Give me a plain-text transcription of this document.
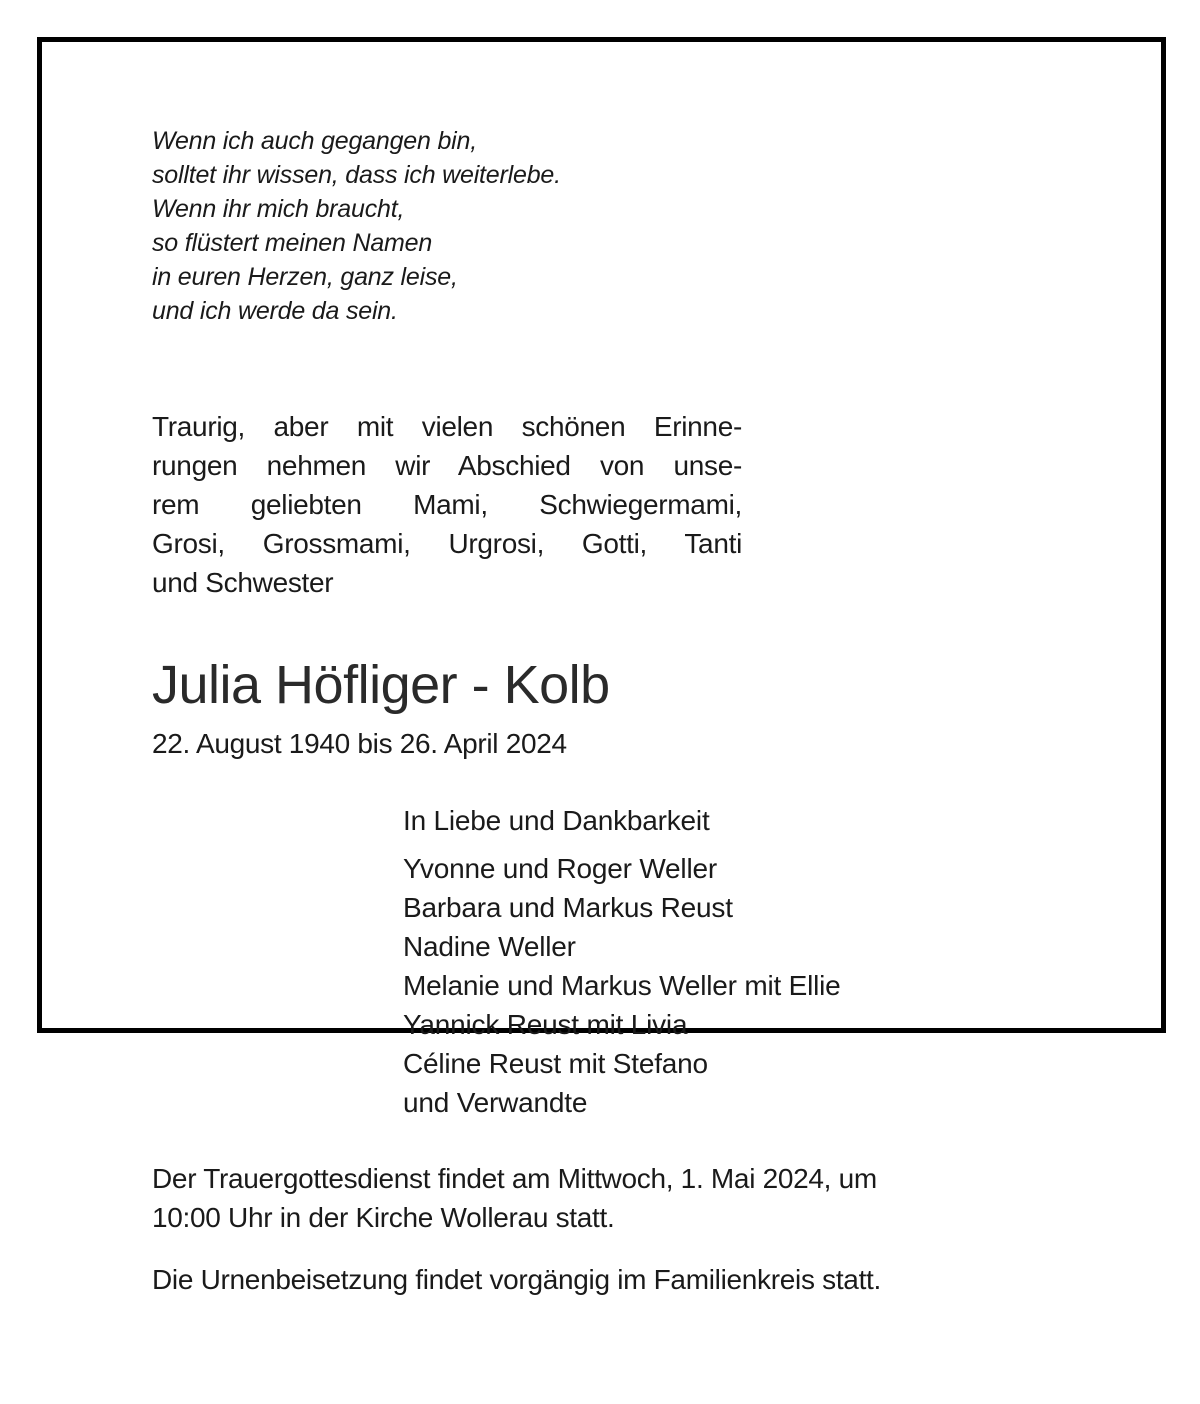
Wenn ich auch gegangen bin,
solltet ihr wissen, dass ich weiterlebe.
Wenn ihr mich braucht,
so flüstert meinen Namen
in euren Herzen, ganz leise,
und ich werde da sein.
Traurig, aber mit vielen schönen Erinne-
rungen nehmen wir Abschied von unse-
rem geliebten Mami, Schwiegermami,
Grosi, Grossmami, Urgrosi, Gotti, Tanti
und Schwester
Julia Höfliger - Kolb
22. August 1940 bis 26. April 2024
In Liebe und Dankbarkeit
Yvonne und Roger Weller
Barbara und Markus Reust
Nadine Weller
Melanie und Markus Weller mit Ellie
Yannick Reust mit Livia
Céline Reust mit Stefano
und Verwandte
Der Trauergottesdienst findet am Mittwoch, 1. Mai 2024, um
10:00 Uhr in der Kirche Wollerau statt.
Die Urnenbeisetzung findet vorgängig im Familienkreis statt.
